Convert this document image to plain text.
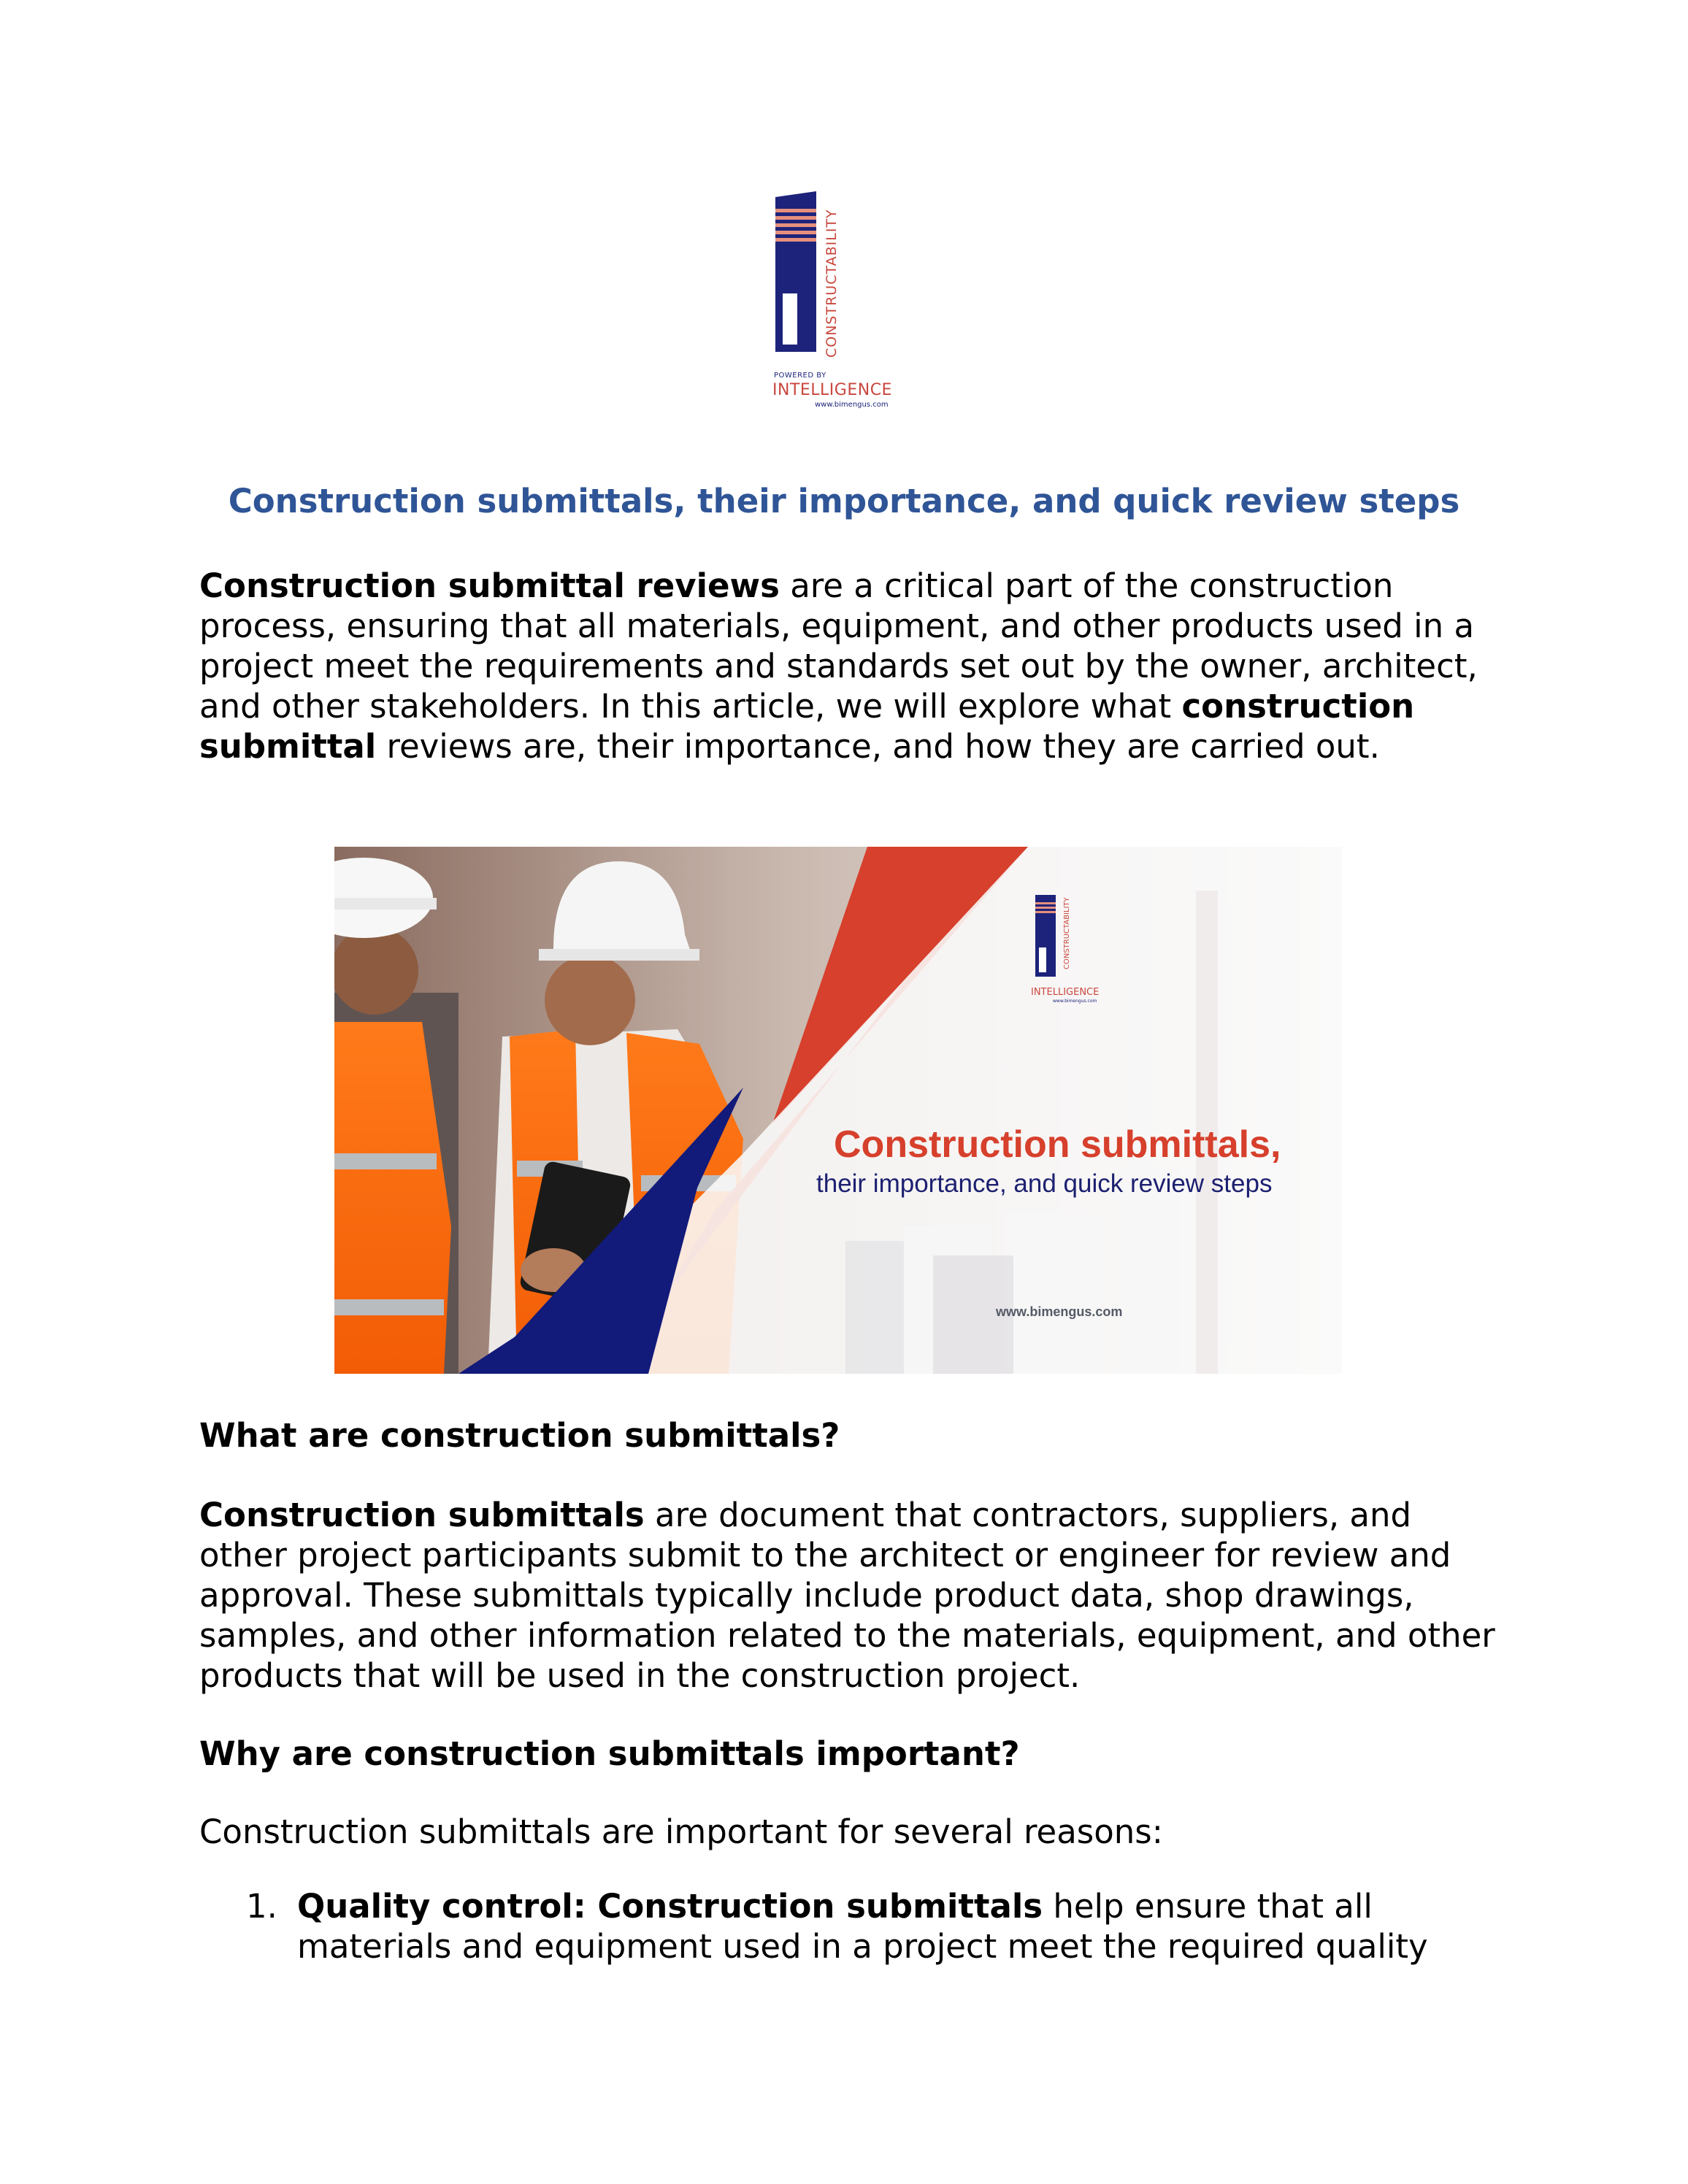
CONSTRUCTABILITY
POWERED BY
INTELLIGENCE
www.bimengus.com
Construction submittals, their importance, and quick review steps

Construction submittal reviews are a critical part of the construction process, ensuring that all materials, equipment, and other products used in a project meet the requirements and standards set out by the owner, architect, and other stakeholders. In this article, we will explore what construction submittal reviews are, their importance, and how they are carried out.

CONSTRUCTABILITY
INTELLIGENCE
www.bimengus.com
Construction submittals,
their importance, and quick review steps
www.bimengus.com
What are construction submittals?

Construction submittals are document that contractors, suppliers, and other project participants submit to the architect or engineer for review and approval. These submittals typically include product data, shop drawings, samples, and other information related to the materials, equipment, and other products that will be used in the construction project.

Why are construction submittals important?

Construction submittals are important for several reasons:

1. Quality control: Construction submittals help ensure that all materials and equipment used in a project meet the required quality
